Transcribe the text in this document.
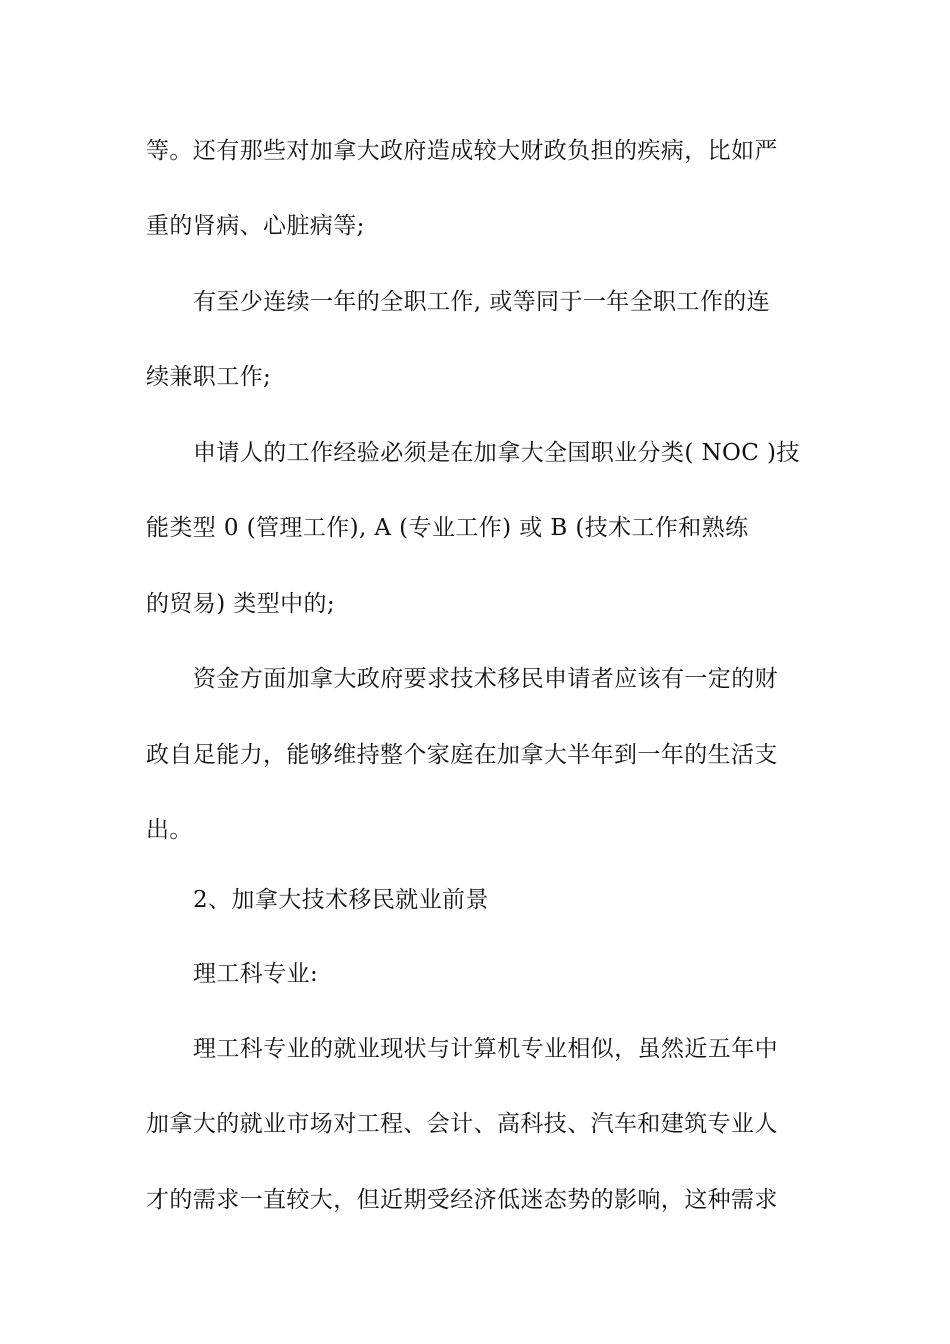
等。还有那些对加拿大政府造成较大财政负担的疾病，比如严
重的肾病、心脏病等;
有至少连续一年的全职工作, 或等同于一年全职工作的连
续兼职工作;
申请人的工作经验必须是在加拿大全国职业分类( NOC )技
能类型 0 (管理工作), A (专业工作) 或 B (技术工作和熟练
的贸易) 类型中的;
资金方面加拿大政府要求技术移民申请者应该有一定的财
政自足能力，能够维持整个家庭在加拿大半年到一年的生活支
出。
2、加拿大技术移民就业前景
理工科专业:
理工科专业的就业现状与计算机专业相似，虽然近五年中
加拿大的就业市场对工程、会计、高科技、汽车和建筑专业人
才的需求一直较大，但近期受经济低迷态势的影响，这种需求
